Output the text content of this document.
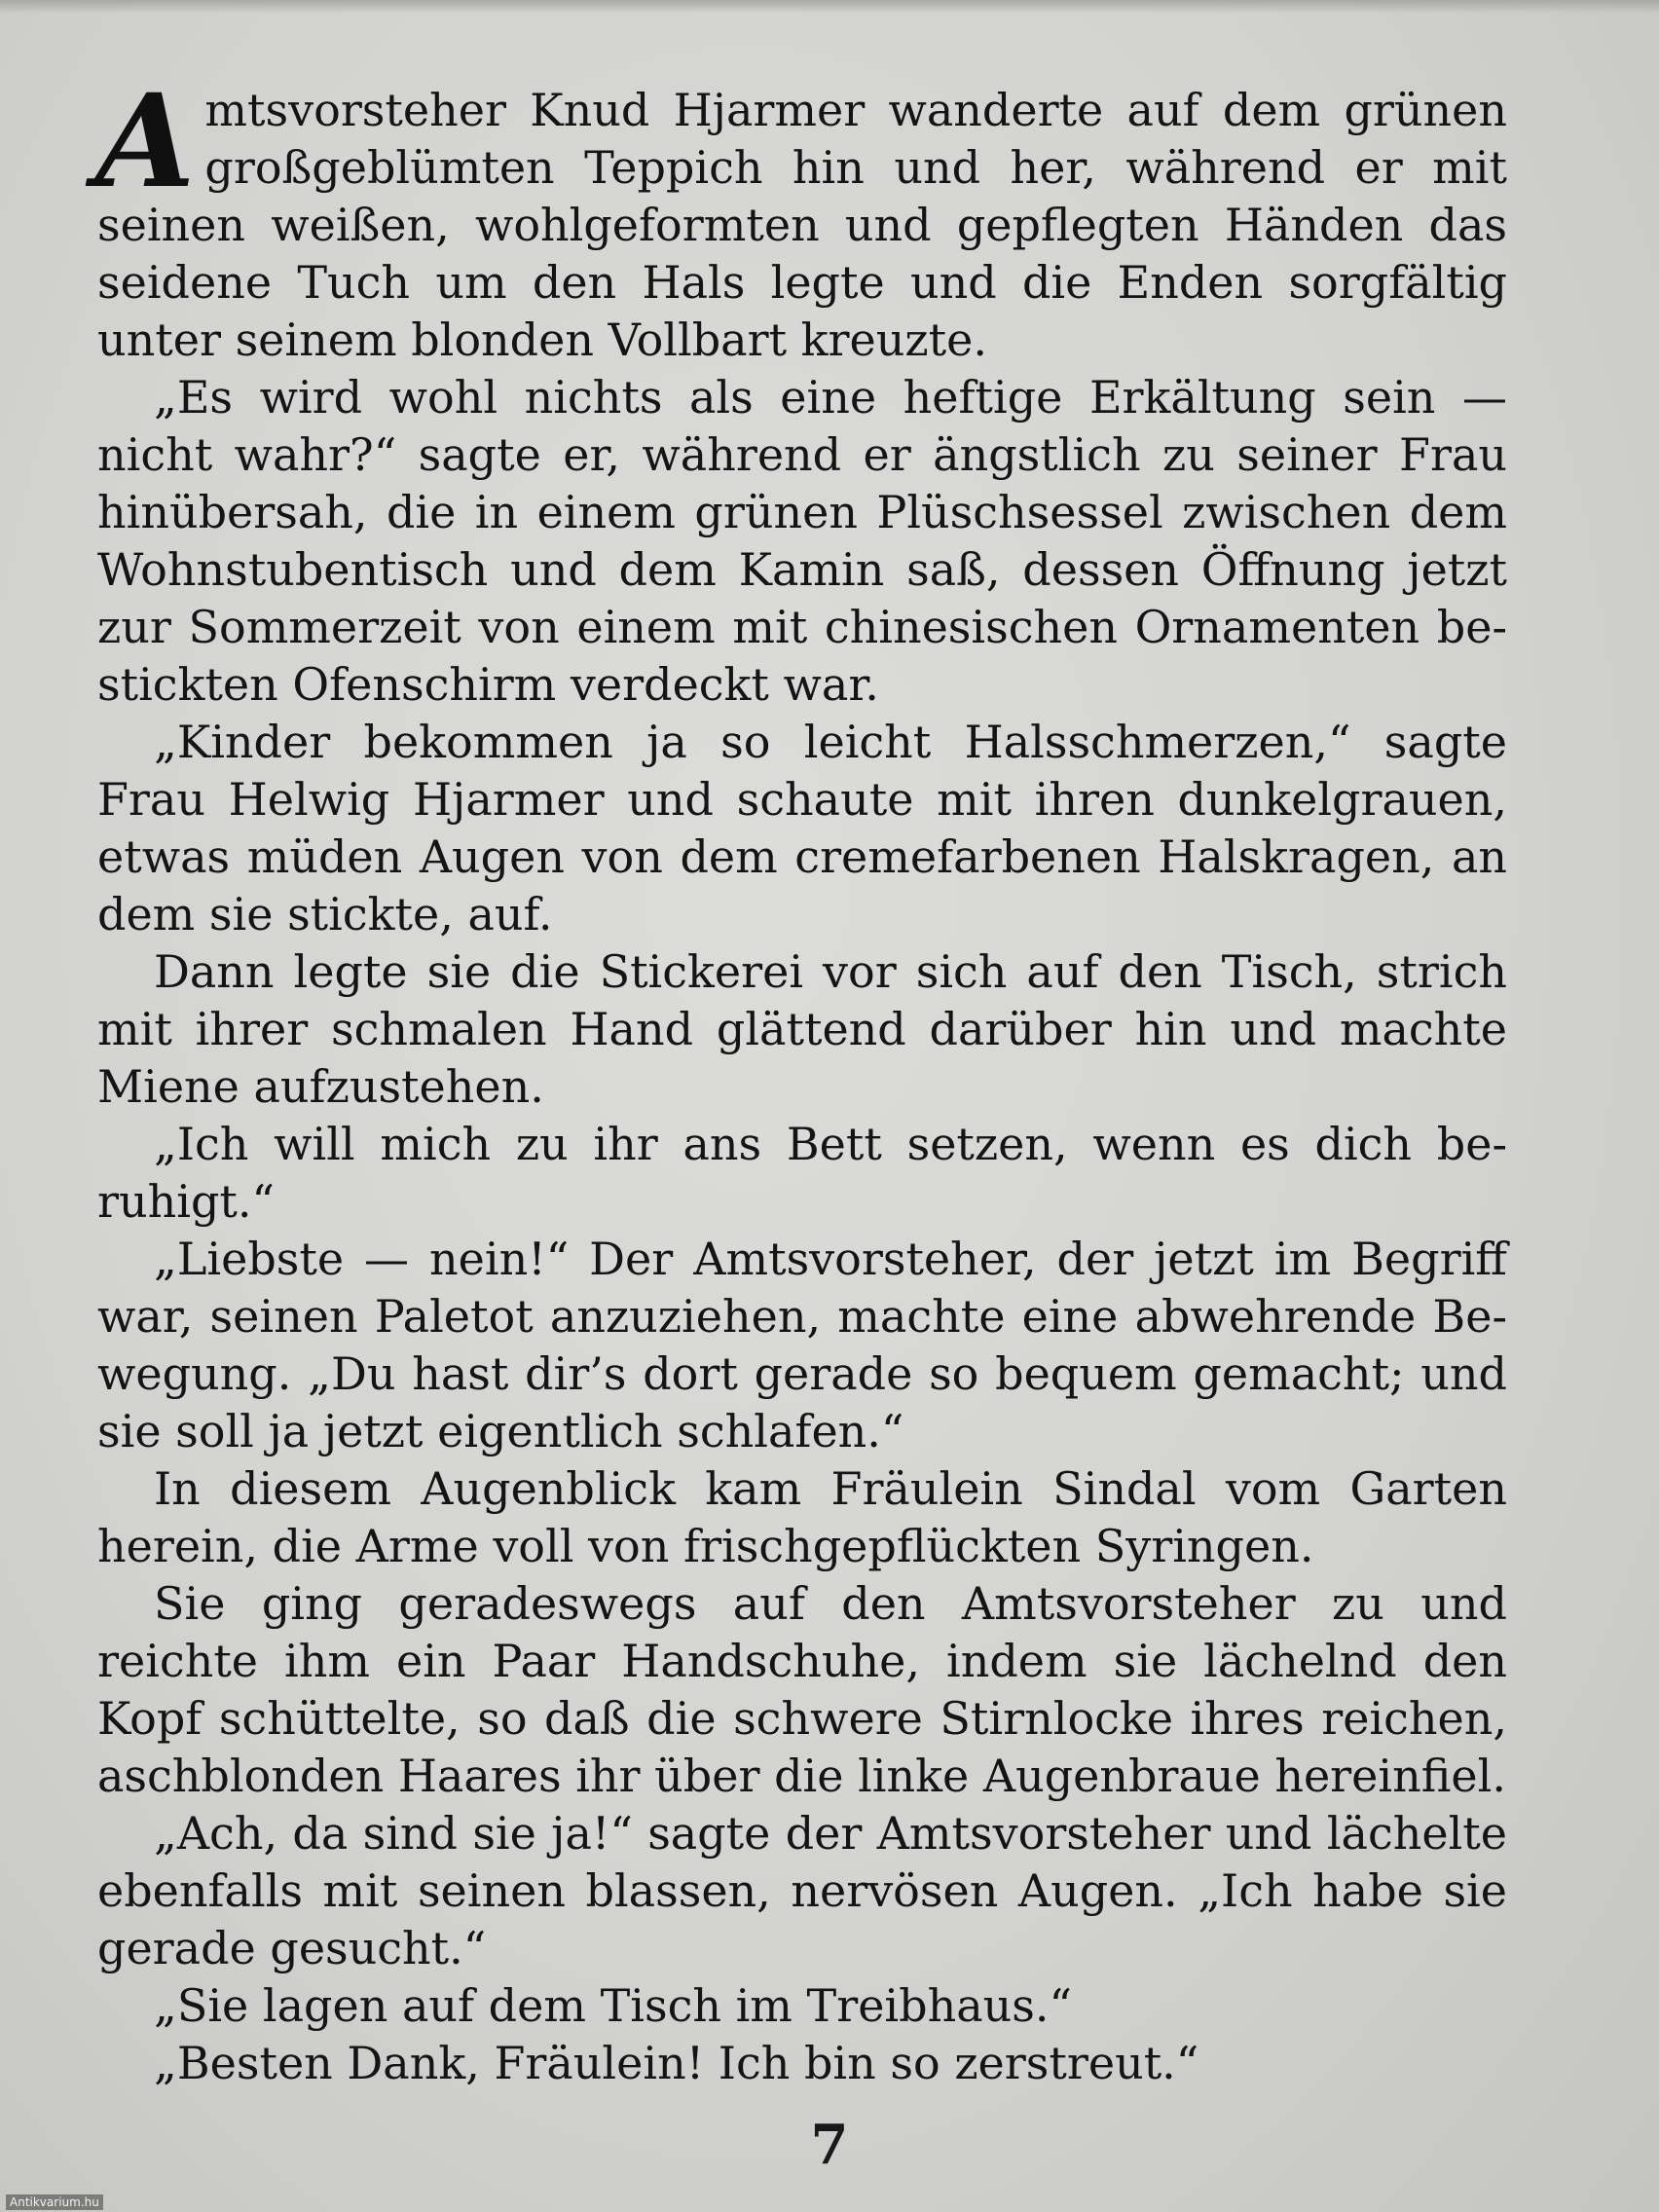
Amtsvorsteher Knud Hjarmer wanderte auf dem grünen großgeblümten Teppich hin und her, während er mit seinen weißen, wohlgeformten und gepflegten Händen das seidene Tuch um den Hals legte und die Enden sorgfältig unter seinem blonden Vollbart kreuzte.

„Es wird wohl nichts als eine heftige Erkältung sein — nicht wahr?“ sagte er, während er ängstlich zu seiner Frau hinübersah, die in einem grünen Plüschsessel zwischen dem Wohnstubentisch und dem Kamin saß, dessen Öffnung jetzt zur Sommerzeit von einem mit chinesischen Ornamenten be-stickten Ofenschirm verdeckt war.

„Kinder bekommen ja so leicht Halsschmerzen,“ sagte Frau Helwig Hjarmer und schaute mit ihren dunkelgrauen, etwas müden Augen von dem cremefarbenen Halskragen, an dem sie stickte, auf.

Dann legte sie die Stickerei vor sich auf den Tisch, strich mit ihrer schmalen Hand glättend darüber hin und machte Miene aufzustehen.

„Ich will mich zu ihr ans Bett setzen, wenn es dich be-ruhigt.“

„Liebste — nein!“ Der Amtsvorsteher, der jetzt im Begriff war, seinen Paletot anzuziehen, machte eine abwehrende Be-wegung. „Du hast dir’s dort gerade so bequem gemacht; und sie soll ja jetzt eigentlich schlafen.“

In diesem Augenblick kam Fräulein Sindal vom Garten herein, die Arme voll von frischgepflückten Syringen.

Sie ging geradeswegs auf den Amtsvorsteher zu und reichte ihm ein Paar Handschuhe, indem sie lächelnd den Kopf schüttelte, so daß die schwere Stirnlocke ihres reichen, aschblonden Haares ihr über die linke Augenbraue hereinfiel.

„Ach, da sind sie ja!“ sagte der Amtsvorsteher und lächelte ebenfalls mit seinen blassen, nervösen Augen. „Ich habe sie gerade gesucht.“

„Sie lagen auf dem Tisch im Treibhaus.“

„Besten Dank, Fräulein! Ich bin so zerstreut.“

7
Antikvarium.hu
